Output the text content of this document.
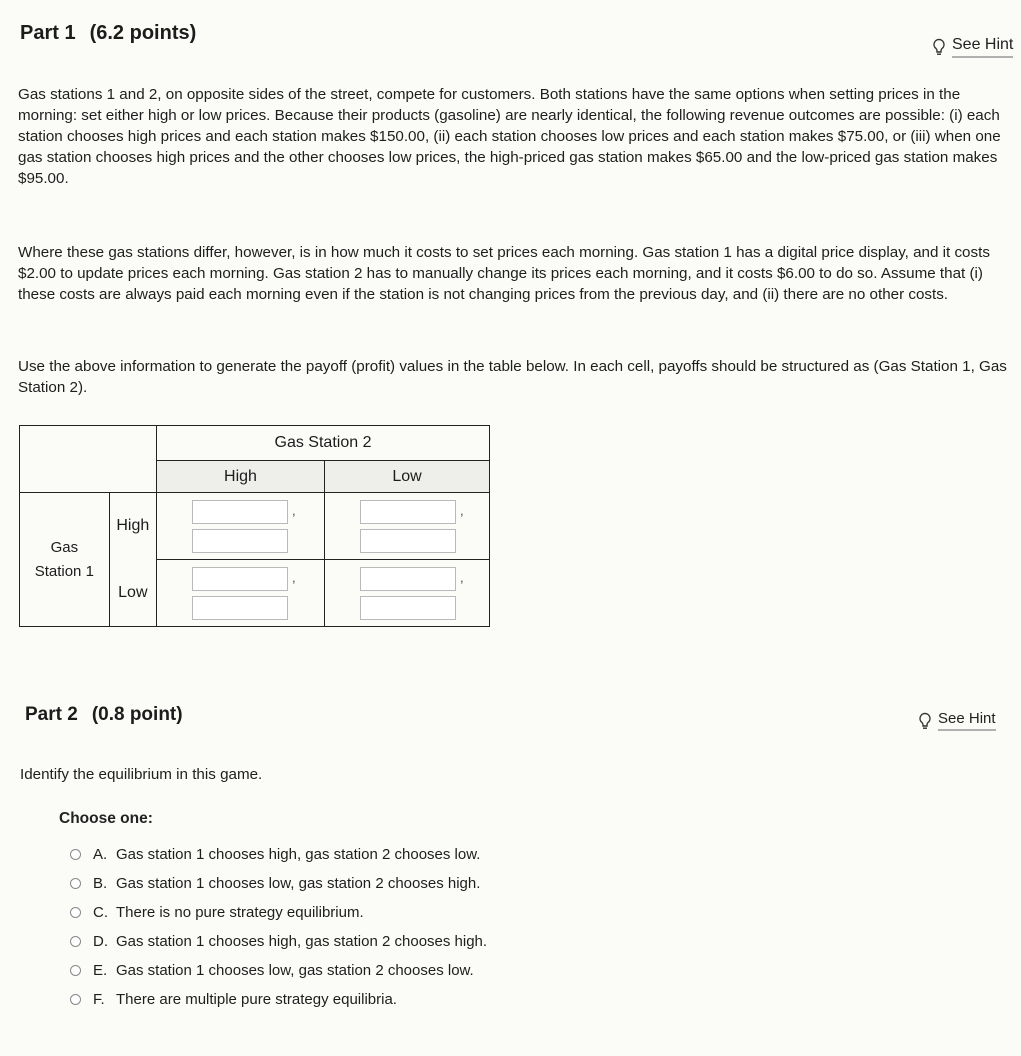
Part 1 (6.2 points)
See Hint
Gas stations 1 and 2, on opposite sides of the street, compete for customers. Both stations have the same options when setting prices in the morning: set either high or low prices. Because their products (gasoline) are nearly identical, the following revenue outcomes are possible: (i) each station chooses high prices and each station makes $150.00, (ii) each station chooses low prices and each station makes $75.00, or (iii) when one gas station chooses high prices and the other chooses low prices, the high-priced gas station makes $65.00 and the low-priced gas station makes $95.00.
Where these gas stations differ, however, is in how much it costs to set prices each morning. Gas station 1 has a digital price display, and it costs $2.00 to update prices each morning. Gas station 2 has to manually change its prices each morning, and it costs $6.00 to do so. Assume that (i) these costs are always paid each morning even if the station is not changing prices from the previous day, and (ii) there are no other costs.
Use the above information to generate the payoff (profit) values in the table below. In each cell, payoffs should be structured as (Gas Station 1, Gas Station 2).
		Gas Station 2	
		High	Low

Gas
Station 1	High	,	,

	Low	,	,
Part 2 (0.8 point)	See Hint
Identify the equilibrium in this game.
Choose one:
A. Gas station 1 chooses high, gas station 2 chooses low.
B. Gas station 1 chooses low, gas station 2 chooses high.
C. There is no pure strategy equilibrium.
D. Gas station 1 chooses high, gas station 2 chooses high.
E. Gas station 1 chooses low, gas station 2 chooses low.
F. There are multiple pure strategy equilibria.
